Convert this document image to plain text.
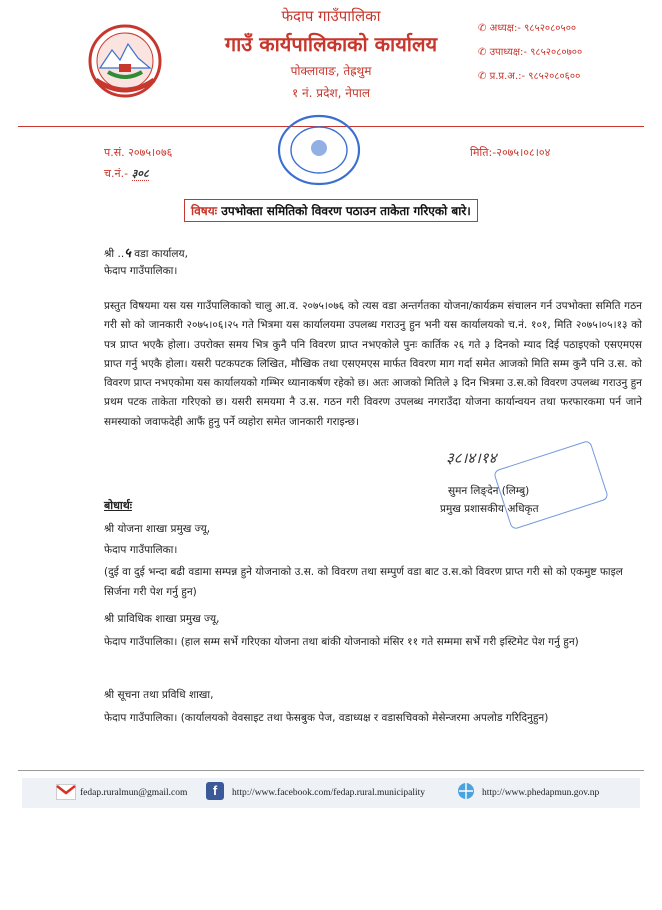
फेदाप गाउँपालिका
गाउँ कार्यपालिकाको कार्यालय
पोक्लावाङ, तेह्रथुम
१ नं. प्रदेश, नेपाल
✆ अध्यक्ष:- ९८५२०८०५००
✆ उपाध्यक्ष:- ९८५२०८०७००
✆ प्र.प्र.अ.:- ९८५२०८०६००
प.सं. २०७५।०७६
च.नं.- ३०८
मिति:-२०७५।०८।०४
विषयः उपभोक्ता समितिको विवरण पठाउन ताकेता गरिएको बारे।
श्री ..५ वडा कार्यालय,
फेदाप गाउँपालिका।
प्रस्तुत विषयमा यस यस गाउँपालिकाको चालु आ.व. २०७५।०७६ को त्यस वडा अन्तर्गतका योजना/कार्यक्रम संचालन गर्न उपभोक्ता समिति गठन गरी सो को जानकारी २०७५।०६।२५ गते भित्रमा यस कार्यालयमा उपलब्ध गराउनु हुन भनी यस कार्यालयको च.नं. १०१, मिति २०७५।०५।१३ को पत्र प्राप्त भएकै होला। उपरोक्त समय भित्र कुनै पनि विवरण प्राप्त नभएकोले पुनः कार्तिक २६ गते ३ दिनको म्याद दिई पठाइएको एसएमएस प्राप्त गर्नु भएकै होला। यसरी पटकपटक लिखित, मौखिक तथा एसएमएस मार्फत विवरण माग गर्दा समेत आजको मिति सम्म कुनै पनि उ.स. को विवरण प्राप्त नभएकोमा यस कार्यालयको गम्भिर ध्यानाकर्षण रहेको छ। अतः आजको मितिले ३ दिन भित्रमा उ.स.को विवरण उपलब्ध गराउनु हुन प्रथम पटक ताकेता गरिएको छ। यसरी समयमा नै उ.स. गठन गरी विवरण उपलब्ध नगराउँदा योजना कार्यान्वयन तथा फरफारकमा पर्न जाने समस्याको जवाफदेही आफैं हुनु पर्ने व्यहोरा समेत जानकारी गराइन्छ।
३८।४।१४
सुमन लिङ्देन (लिम्बु)
प्रमुख प्रशासकीय अधिकृत
बोधार्थः
श्री योजना शाखा प्रमुख ज्यू,
फेदाप गाउँपालिका।
(दुई वा दुई भन्दा बढी वडामा सम्पन्न हुने योजनाको उ.स. को विवरण तथा सम्पुर्ण वडा बाट उ.स.को विवरण प्राप्त गरी सो को एकमुष्ट फाइल सिर्जना गरी पेश गर्नु हुन)
श्री प्राविधिक शाखा प्रमुख ज्यू,
फेदाप गाउँपालिका। (हाल सम्म सर्भे गरिएका योजना तथा बांकी योजनाको मंसिर ११ गते सम्ममा सर्भे गरी इस्टिमेट पेश गर्नु हुन)
श्री सूचना तथा प्रविधि शाखा,
फेदाप गाउँपालिका। (कार्यालयको वेवसाइट तथा फेसबुक पेज, वडाध्यक्ष र वडासचिवको मेसेन्जरमा अपलोड गरिदिनुहुन)
fedap.ruralmun@gmail.com	f	http://www.facebook.com/fedap.rural.municipality	http://www.phedapmun.gov.np
